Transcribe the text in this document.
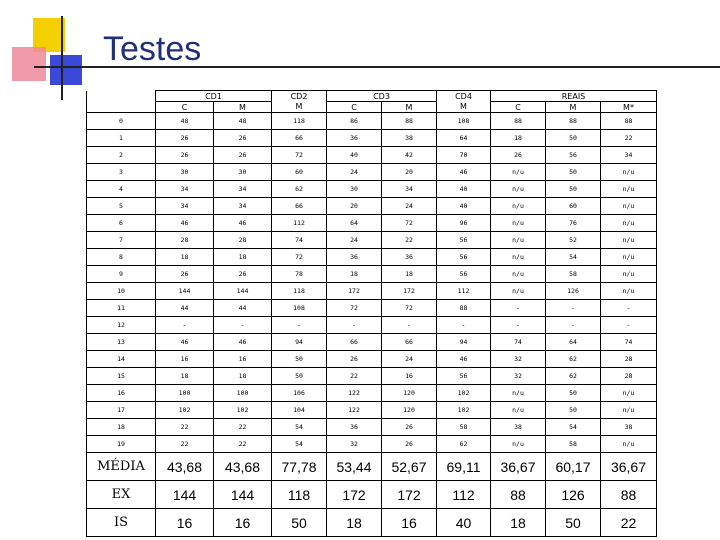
Testes
	CD1		CD2	CD3		CD4	REAIS		
	C	M	M	C	M	M	C	M	M*
0	48	48	118	86	88	108	88	88	88
1	26	26	66	36	38	64	18	50	22
2	26	26	72	40	42	70	26	56	34
3	30	30	60	24	20	46	n/u	50	n/u
4	34	34	62	30	34	40	n/u	50	n/u
5	34	34	66	20	24	40	n/u	60	n/u
6	46	46	112	64	72	96	n/u	76	n/u
7	28	28	74	24	22	56	n/u	52	n/u
8	18	18	72	36	36	56	n/u	54	n/u
9	26	26	78	18	18	56	n/u	58	n/u
10	144	144	118	172	172	112	n/u	126	n/u
11	44	44	108	72	72	88	-	-	-
12	-	-	-	-	-	-	-	-	-
13	46	46	94	66	66	94	74	64	74
14	16	16	50	26	24	46	32	62	28
15	18	18	50	22	16	56	32	62	28
16	100	100	106	122	120	102	n/u	50	n/u
17	102	102	104	122	120	102	n/u	50	n/u
18	22	22	54	36	26	58	38	54	38
19	22	22	54	32	26	62	n/u	58	n/u
MÉDIA	43,68	43,68	77,78	53,44	52,67	69,11	36,67	60,17	36,67
EX	144	144	118	172	172	112	88	126	88
IS	16	16	50	18	16	40	18	50	22
